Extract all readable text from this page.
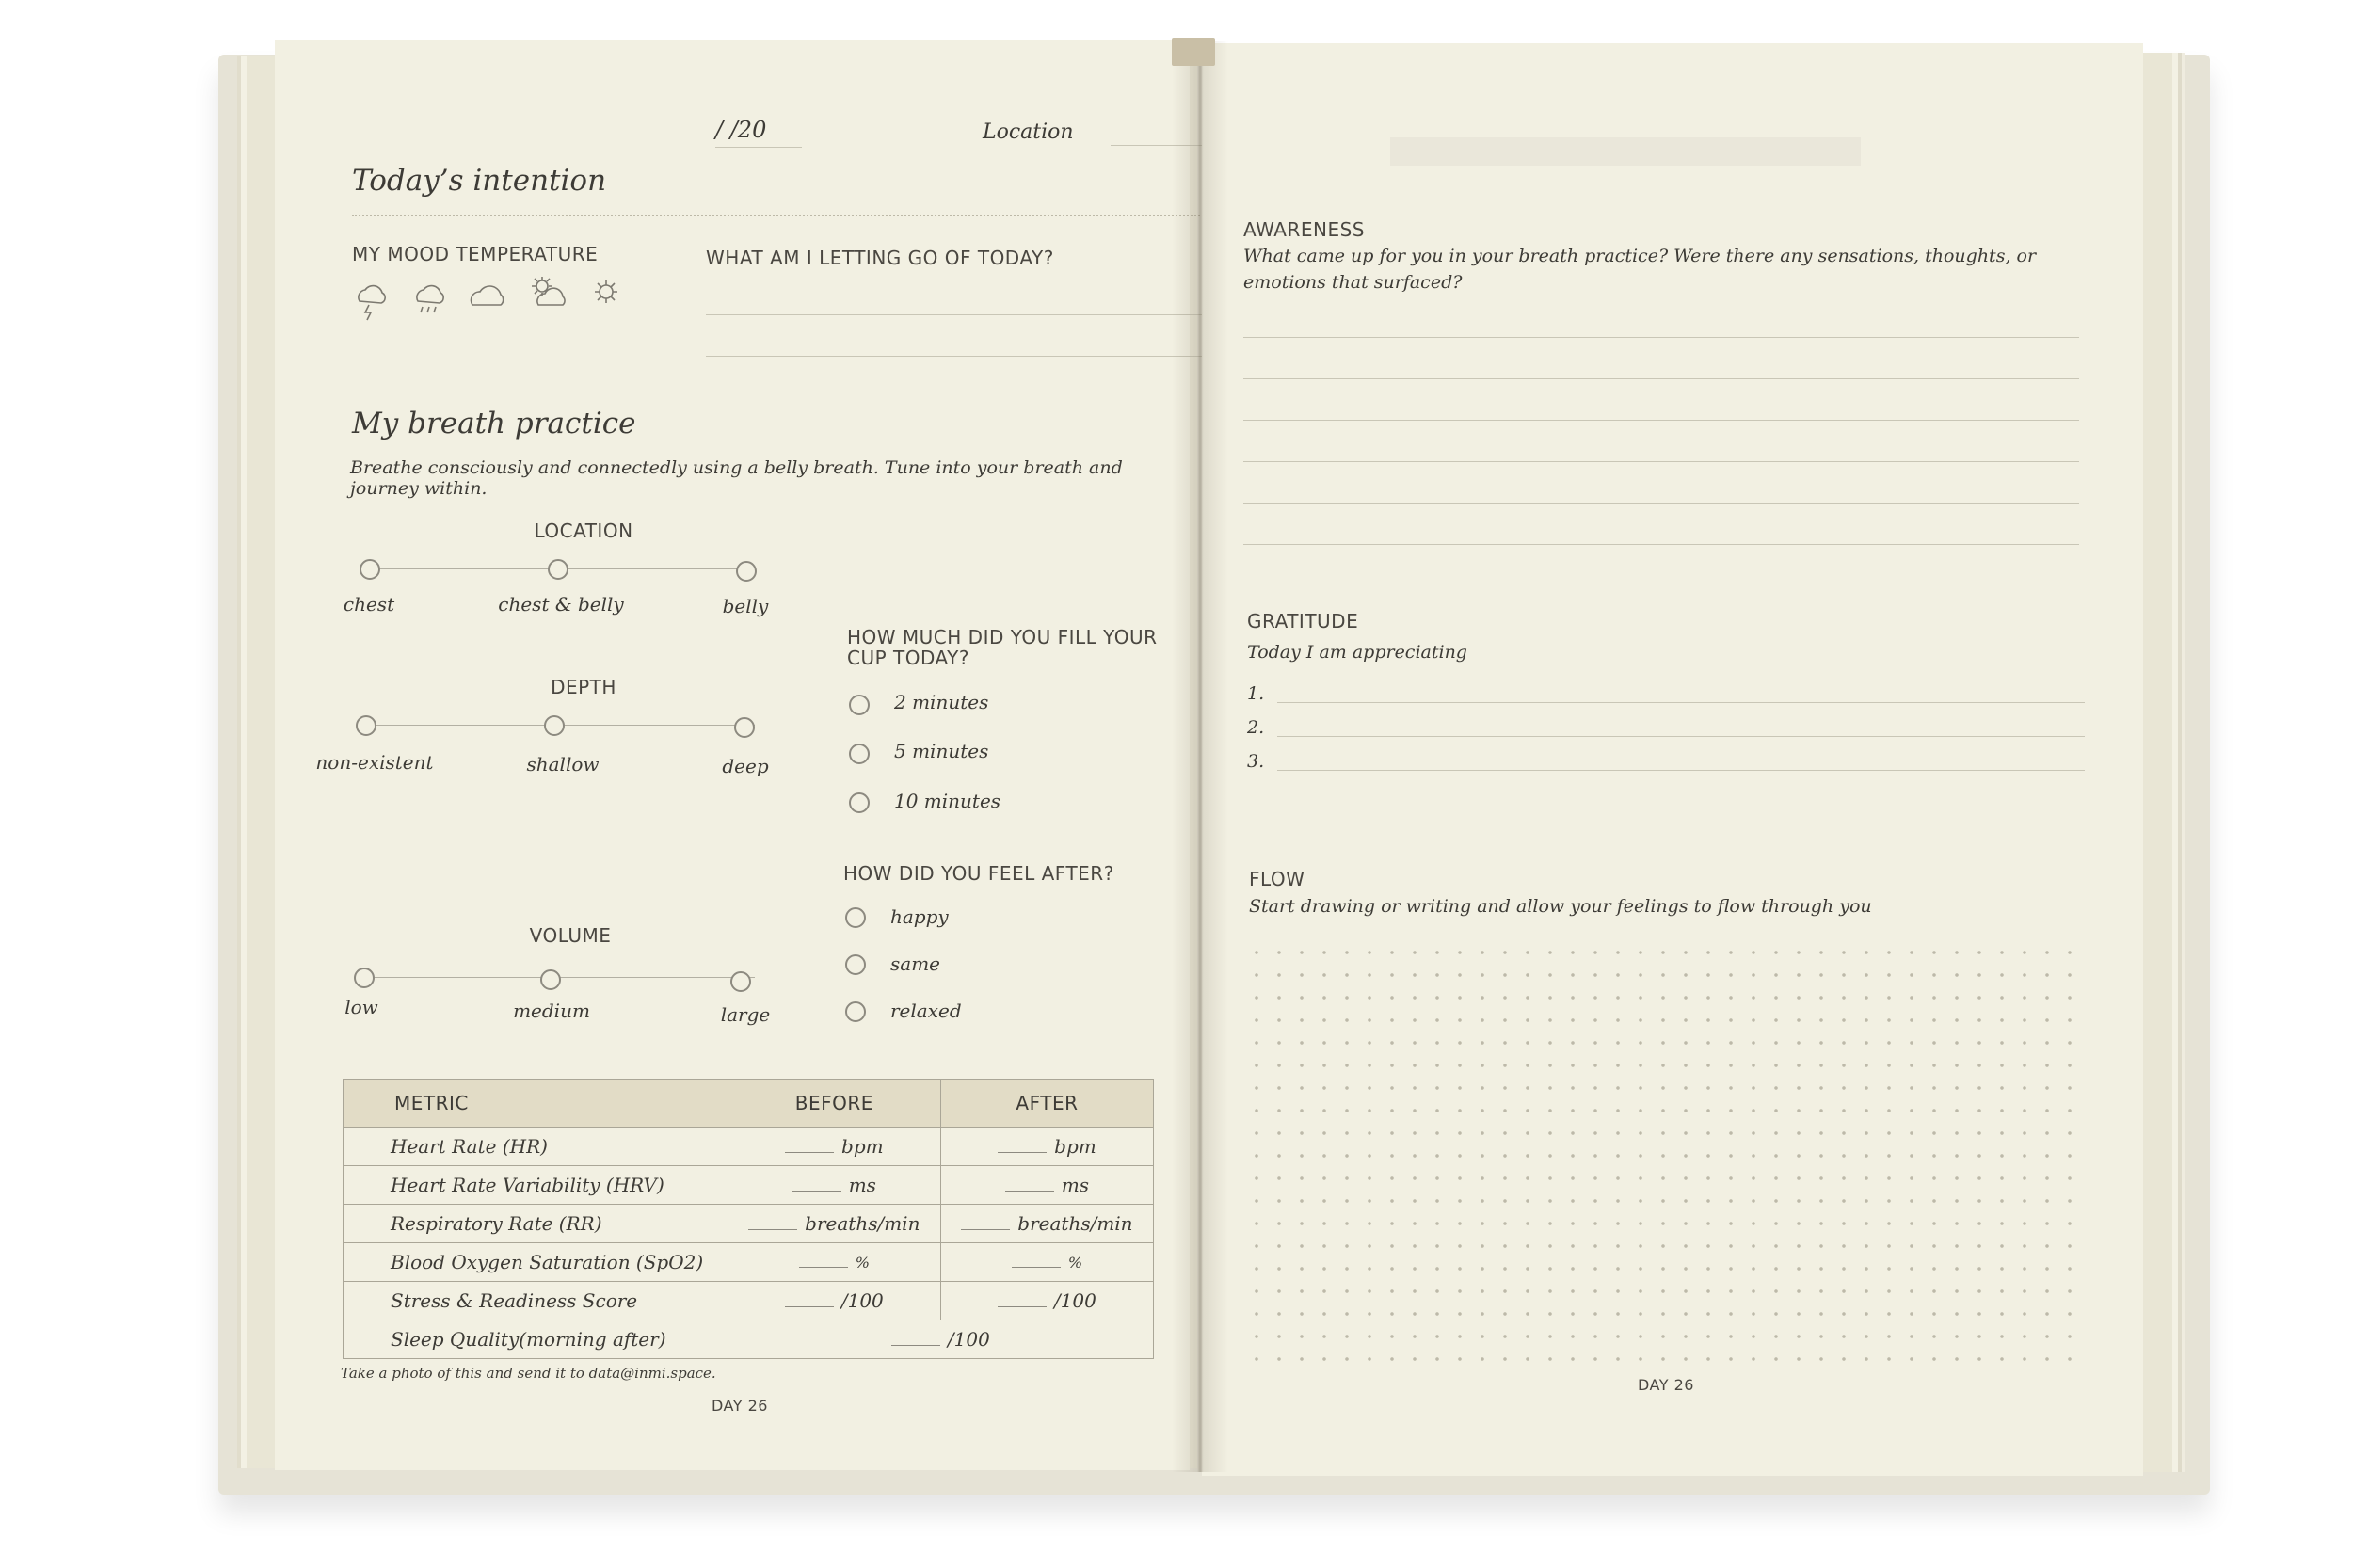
/ /20	Location
Today’s intention
MY MOOD TEMPERATURE	WHAT AM I LETTING GO OF TODAY?
My breath practice
Breathe consciously and connectedly using a belly breath. Tune into your breath and journey within.
LOCATION
chest	chest & belly	belly
DEPTH
non-existent	shallow	deep
VOLUME
low	medium	large
HOW MUCH DID YOU FILL YOUR CUP TODAY?
2 minutes
5 minutes
10 minutes
HOW DID YOU FEEL AFTER?
happy
same
relaxed
METRIC	BEFORE	AFTER
Heart Rate (HR)	bpm	bpm
Heart Rate Variability (HRV)	ms	ms
Respiratory Rate (RR)	breaths/min	breaths/min
Blood Oxygen Saturation (SpO2)	%	%
Stress & Readiness Score	/100	/100
Sleep Quality(morning after)	/100	
Take a photo of this and send it to data@inmi.space.
DAY 26
AWARENESS
What came up for you in your breath practice? Were there any sensations, thoughts, or emotions that surfaced?
GRATITUDE
Today I am appreciating
1.
2.
3.
FLOW
Start drawing or writing and allow your feelings to flow through you
DAY 26
